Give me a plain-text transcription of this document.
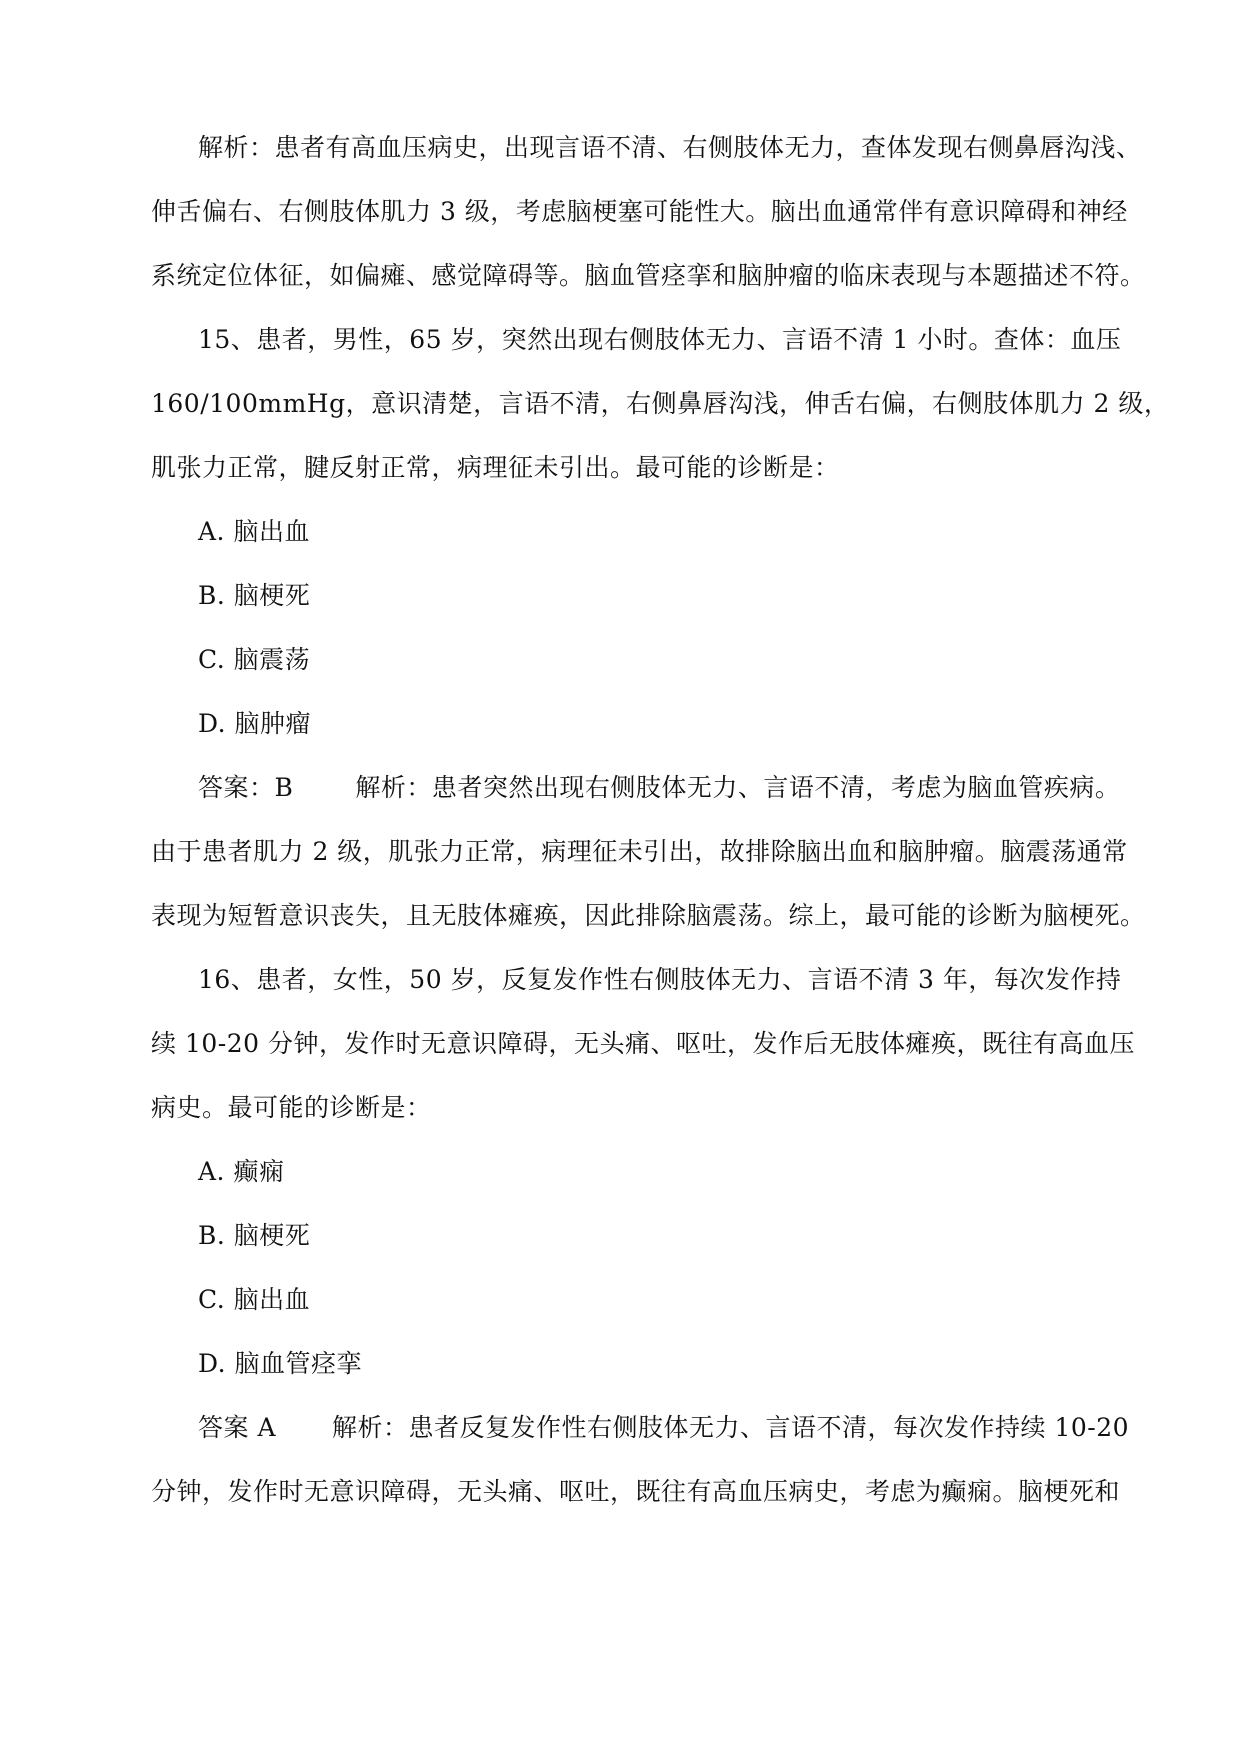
解析：患者有高血压病史，出现言语不清、右侧肢体无力，查体发现右侧鼻唇沟浅、
伸舌偏右、右侧肢体肌力 3 级，考虑脑梗塞可能性大。脑出血通常伴有意识障碍和神经
系统定位体征，如偏瘫、感觉障碍等。脑血管痉挛和脑肿瘤的临床表现与本题描述不符。
15、患者，男性，65 岁，突然出现右侧肢体无力、言语不清 1 小时。查体：血压
160/100mmHg，意识清楚，言语不清，右侧鼻唇沟浅，伸舌右偏，右侧肢体肌力 2 级，
肌张力正常，腱反射正常，病理征未引出。最可能的诊断是：
A. 脑出血
B. 脑梗死
C. 脑震荡
D. 脑肿瘤
答案：B 解析：患者突然出现右侧肢体无力、言语不清，考虑为脑血管疾病。
由于患者肌力 2 级，肌张力正常，病理征未引出，故排除脑出血和脑肿瘤。脑震荡通常
表现为短暂意识丧失，且无肢体瘫痪，因此排除脑震荡。综上，最可能的诊断为脑梗死。
16、患者，女性，50 岁，反复发作性右侧肢体无力、言语不清 3 年，每次发作持
续 10-20 分钟，发作时无意识障碍，无头痛、呕吐，发作后无肢体瘫痪，既往有高血压
病史。最可能的诊断是：
A. 癫痫
B. 脑梗死
C. 脑出血
D. 脑血管痉挛
答案 A 解析：患者反复发作性右侧肢体无力、言语不清，每次发作持续 10-20
分钟，发作时无意识障碍，无头痛、呕吐，既往有高血压病史，考虑为癫痫。脑梗死和
